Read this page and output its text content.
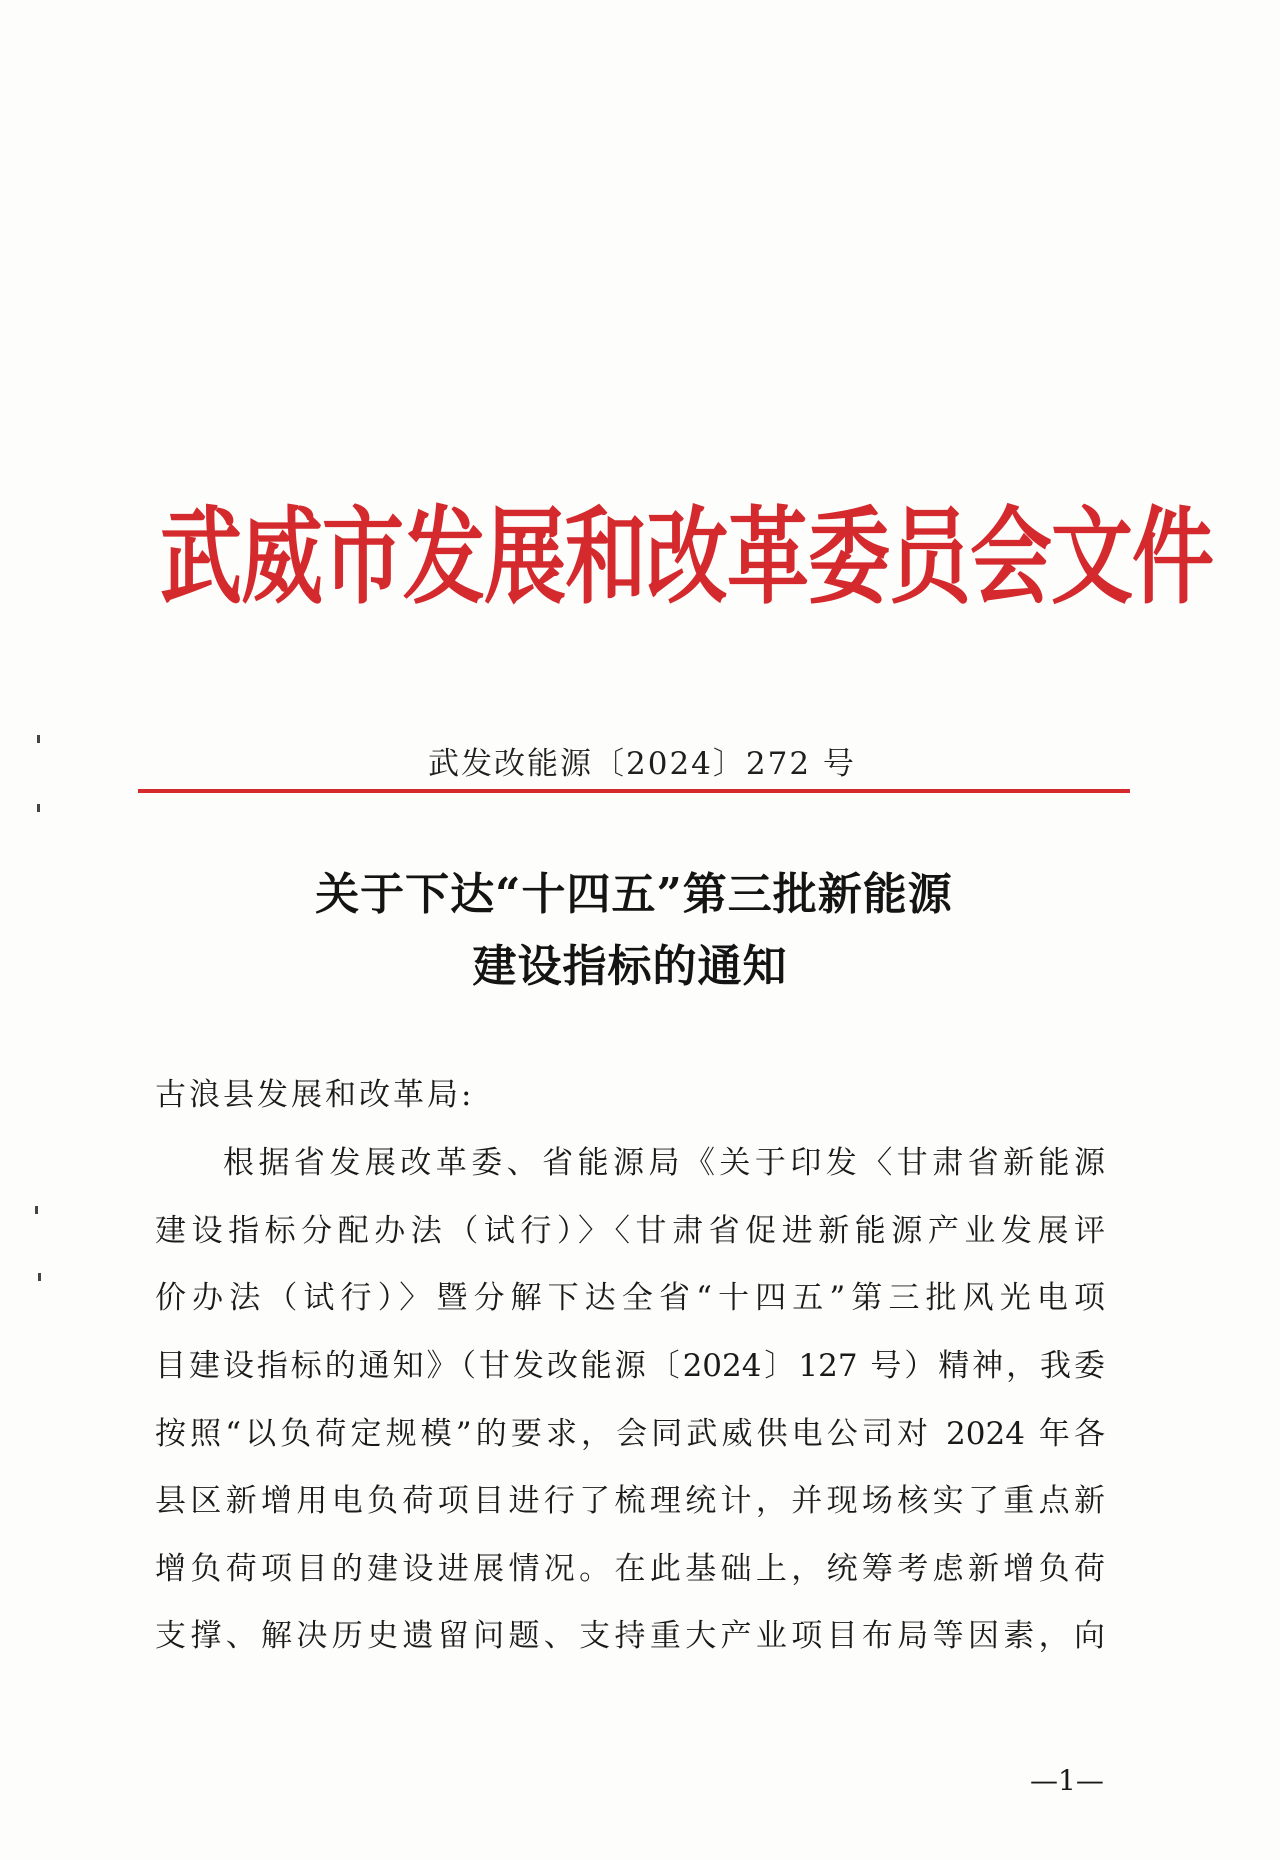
武威市发展和改革委员会文件
武发改能源〔2024〕272 号
关于下达“十四五”第三批新能源
建设指标的通知
古浪县发展和改革局:
根据省发展改革委、省能源局《关于印发〈甘肃省新能源
建设指标分配办法（试行）〉〈甘肃省促进新能源产业发展评
价办法（试行）〉暨分解下达全省“十四五”第三批风光电项
目建设指标的通知》（甘发改能源〔2024〕127 号）精神，我委
按照“以负荷定规模”的要求，会同武威供电公司对 2024 年各
县区新增用电负荷项目进行了梳理统计，并现场核实了重点新
增负荷项目的建设进展情况。在此基础上，统筹考虑新增负荷
支撑、解决历史遗留问题、支持重大产业项目布局等因素，向
—1—
